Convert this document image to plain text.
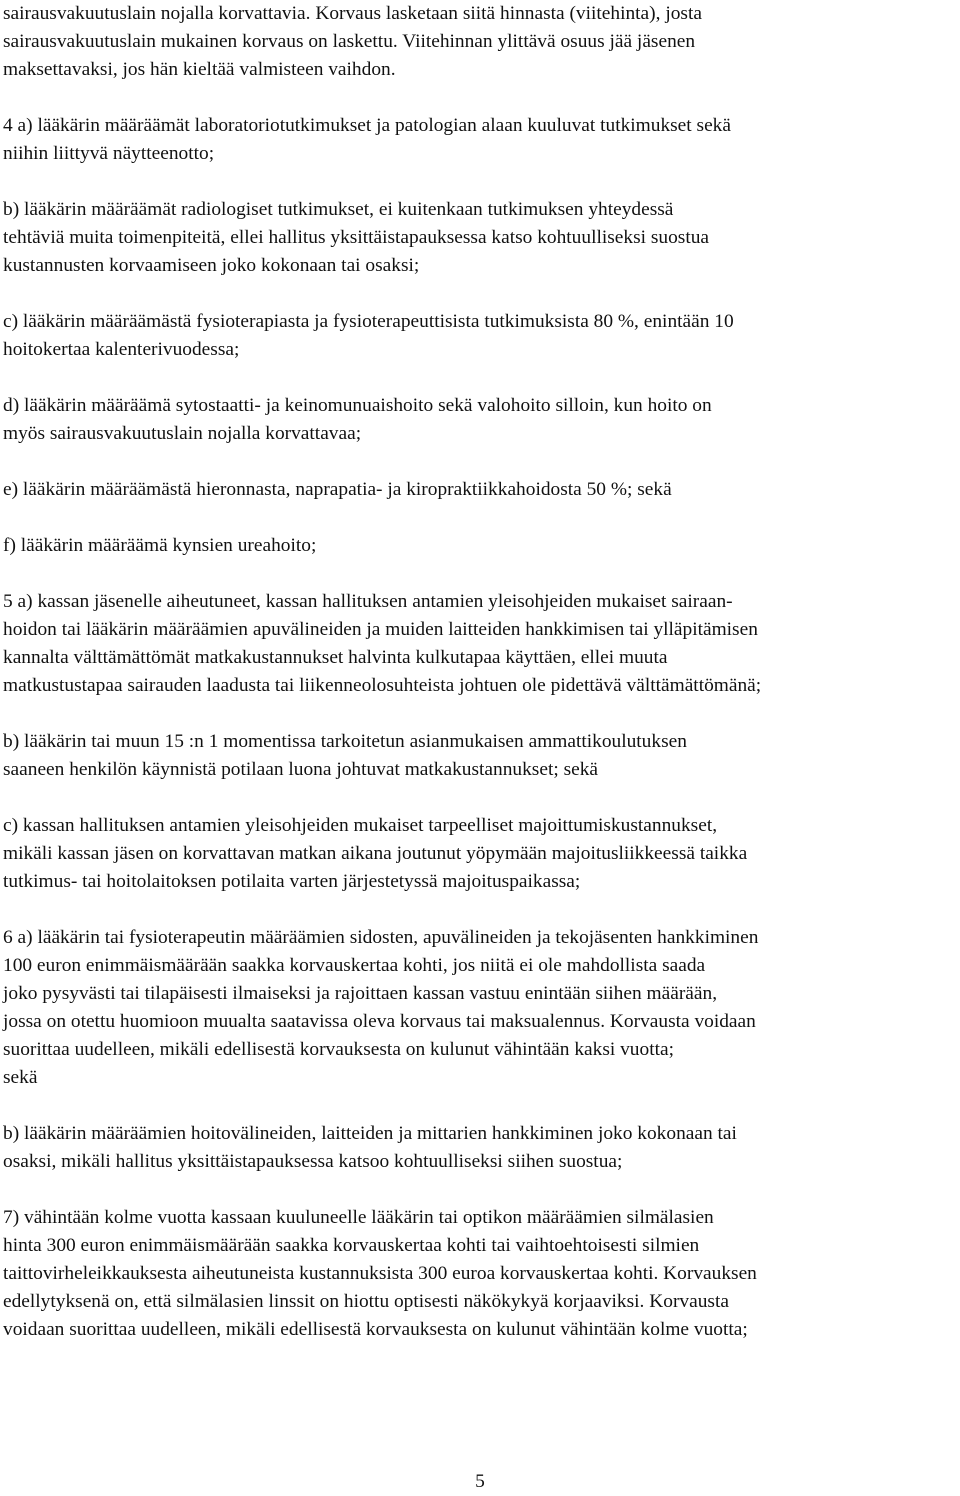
sairausvakuutuslain nojalla korvattavia. Korvaus lasketaan siitä hinnasta (viitehinta), josta
sairausvakuutuslain mukainen korvaus on laskettu. Viitehinnan ylittävä osuus jää jäsenen
maksettavaksi, jos hän kieltää valmisteen vaihdon.
4 a) lääkärin määräämät laboratoriotutkimukset ja patologian alaan kuuluvat tutkimukset sekä
niihin liittyvä näytteenotto;
b) lääkärin määräämät radiologiset tutkimukset, ei kuitenkaan tutkimuksen yhteydessä
tehtäviä muita toimenpiteitä, ellei hallitus yksittäistapauksessa katso kohtuulliseksi suostua
kustannusten korvaamiseen joko kokonaan tai osaksi;
c) lääkärin määräämästä fysioterapiasta ja fysioterapeuttisista tutkimuksista 80 %, enintään 10
hoitokertaa kalenterivuodessa;
d) lääkärin määräämä sytostaatti- ja keinomunuaishoito sekä valohoito silloin, kun hoito on
myös sairausvakuutuslain nojalla korvattavaa;
e) lääkärin määräämästä hieronnasta, naprapatia- ja kiropraktiikkahoidosta 50 %; sekä
f) lääkärin määräämä kynsien ureahoito;
5 a) kassan jäsenelle aiheutuneet, kassan hallituksen antamien yleisohjeiden mukaiset sairaan-
hoidon tai lääkärin määräämien apuvälineiden ja muiden laitteiden hankkimisen tai ylläpitämisen
kannalta välttämättömät matkakustannukset halvinta kulkutapaa käyttäen, ellei muuta
matkustustapaa sairauden laadusta tai liikenneolosuhteista johtuen ole pidettävä välttämättömänä;
b) lääkärin tai muun 15 :n 1 momentissa tarkoitetun asianmukaisen ammattikoulutuksen
saaneen henkilön käynnistä potilaan luona johtuvat matkakustannukset; sekä
c) kassan hallituksen antamien yleisohjeiden mukaiset tarpeelliset majoittumiskustannukset,
mikäli kassan jäsen on korvattavan matkan aikana joutunut yöpymään majoitusliikkeessä taikka
tutkimus- tai hoitolaitoksen potilaita varten järjestetyssä majoituspaikassa;
6 a) lääkärin tai fysioterapeutin määräämien sidosten, apuvälineiden ja tekojäsenten hankkiminen
100 euron enimmäismäärään saakka korvauskertaa kohti, jos niitä ei ole mahdollista saada
joko pysyvästi tai tilapäisesti ilmaiseksi ja rajoittaen kassan vastuu enintään siihen määrään,
jossa on otettu huomioon muualta saatavissa oleva korvaus tai maksualennus. Korvausta voidaan
suorittaa uudelleen, mikäli edellisestä korvauksesta on kulunut vähintään kaksi vuotta;
sekä
b) lääkärin määräämien hoitovälineiden, laitteiden ja mittarien hankkiminen joko kokonaan tai
osaksi, mikäli hallitus yksittäistapauksessa katsoo kohtuulliseksi siihen suostua;
7) vähintään kolme vuotta kassaan kuuluneelle lääkärin tai optikon määräämien silmälasien
hinta 300 euron enimmäismäärään saakka korvauskertaa kohti tai vaihtoehtoisesti silmien
taittovirheleikkauksesta aiheutuneista kustannuksista 300 euroa korvauskertaa kohti. Korvauksen
edellytyksenä on, että silmälasien linssit on hiottu optisesti näkökykyä korjaaviksi. Korvausta
voidaan suorittaa uudelleen, mikäli edellisestä korvauksesta on kulunut vähintään kolme vuotta;
5
